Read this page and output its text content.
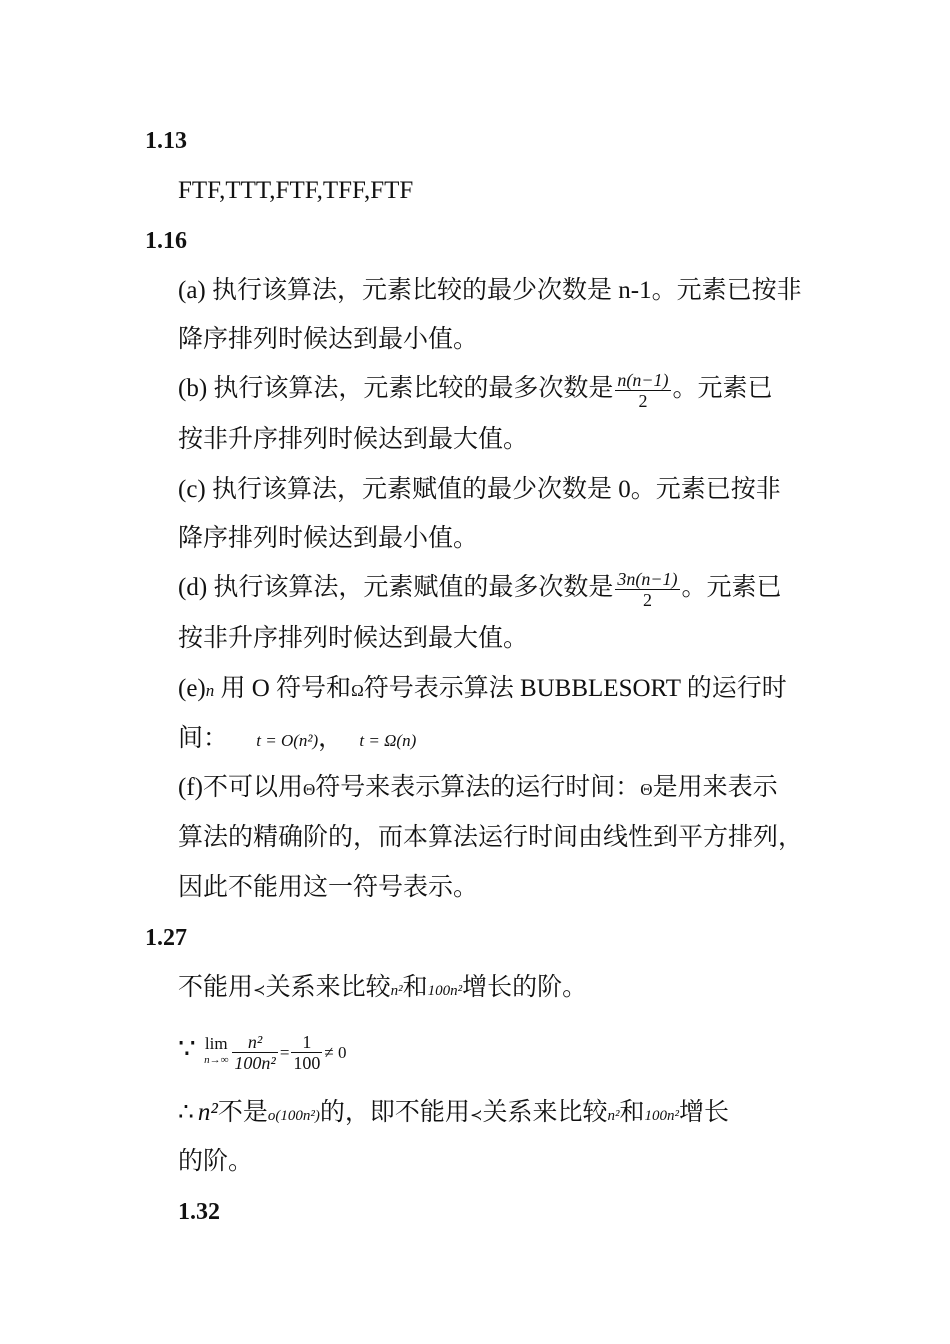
1.13
FTF,TTT,FTF,TFF,FTF
1.16
(a) 执行该算法，元素比较的最少次数是 n-1。元素已按非
降序排列时候达到最小值。
(b) 执行该算法，元素比较的最多次数是 $\frac{n(n-1)}{2}$ 。元素已
按非升序排列时候达到最大值。
(c) 执行该算法，元素赋值的最少次数是 0。元素已按非
降序排列时候达到最小值。
(d) 执行该算法，元素赋值的最多次数是 $\frac{3n(n-1)}{2}$ 。元素已
按非升序排列时候达到最大值。
(e)n 用 O 符号和Ω符号表示算法 BUBBLESORT 的运行时
间： t = O(n²)， t = Ω(n)
(f)不可以用Θ符号来表示算法的运行时间：Θ是用来表示
算法的精确阶的，而本算法运行时间由线性到平方排列，
因此不能用这一符号表示。
1.27
不能用≺关系来比较n²和100n²增长的阶。
∵ lim
$n\to\infty \frac{\text{n²}}{\text{100n²}} = \frac{1}{100} \ne 0$
∴ n²不是o(100n²)的，即不能用≺关系来比较n²和100n²增长
的阶。
1.32
